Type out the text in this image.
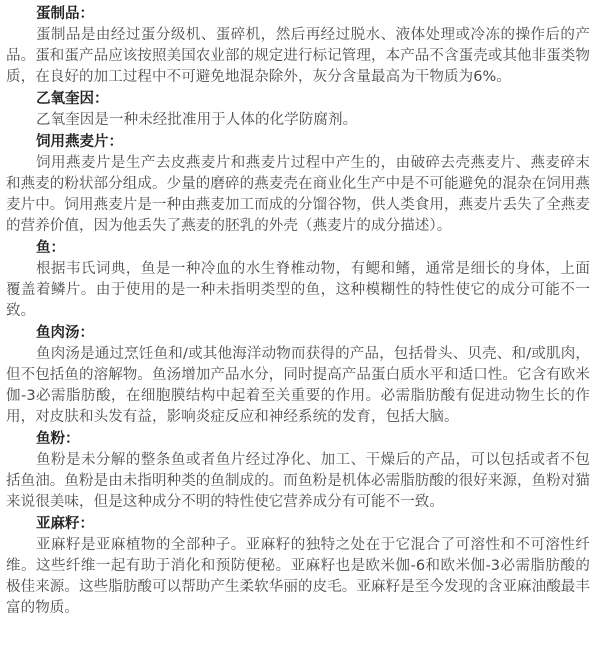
蛋制品：

蛋制品是由经过蛋分级机、蛋碎机，然后再经过脱水、液体处理或冷冻的操作后的产品。蛋和蛋产品应该按照美国农业部的规定进行标记管理，本产品不含蛋壳或其他非蛋类物质，在良好的加工过程中不可避免地混杂除外，灰分含量最高为干物质为6%。

乙氧奎因：

乙氧奎因是一种未经批准用于人体的化学防腐剂。

饲用燕麦片：

饲用燕麦片是生产去皮燕麦片和燕麦片过程中产生的，由破碎去壳燕麦片、燕麦碎末和燕麦的粉状部分组成。少量的磨碎的燕麦壳在商业化生产中是不可能避免的混杂在饲用燕麦片中。饲用燕麦片是一种由燕麦加工而成的分馏谷物，供人类食用，燕麦片丢失了全燕麦的营养价值，因为他丢失了燕麦的胚乳的外壳（燕麦片的成分描述）。

鱼：

根据韦氏词典，鱼是一种冷血的水生脊椎动物，有鳃和鳍，通常是细长的身体，上面覆盖着鳞片。由于使用的是一种未指明类型的鱼，这种模糊性的特性使它的成分可能不一致。

鱼肉汤：

鱼肉汤是通过烹饪鱼和/或其他海洋动物而获得的产品，包括骨头、贝壳、和/或肌肉，但不包括鱼的溶解物。鱼汤增加产品水分，同时提高产品蛋白质水平和适口性。它含有欧米伽-3必需脂肪酸，在细胞膜结构中起着至关重要的作用。必需脂肪酸有促进动物生长的作用，对皮肤和头发有益，影响炎症反应和神经系统的发育，包括大脑。

鱼粉：

鱼粉是未分解的整条鱼或者鱼片经过净化、加工、干燥后的产品，可以包括或者不包括鱼油。鱼粉是由未指明种类的鱼制成的。而鱼粉是机体必需脂肪酸的很好来源，鱼粉对猫来说很美味，但是这种成分不明的特性使它营养成分有可能不一致。

亚麻籽：

亚麻籽是亚麻植物的全部种子。亚麻籽的独特之处在于它混合了可溶性和不可溶性纤维。这些纤维一起有助于消化和预防便秘。亚麻籽也是欧米伽-6和欧米伽-3必需脂肪酸的极佳来源。这些脂肪酸可以帮助产生柔软华丽的皮毛。亚麻籽是至今发现的含亚麻油酸最丰富的物质。
